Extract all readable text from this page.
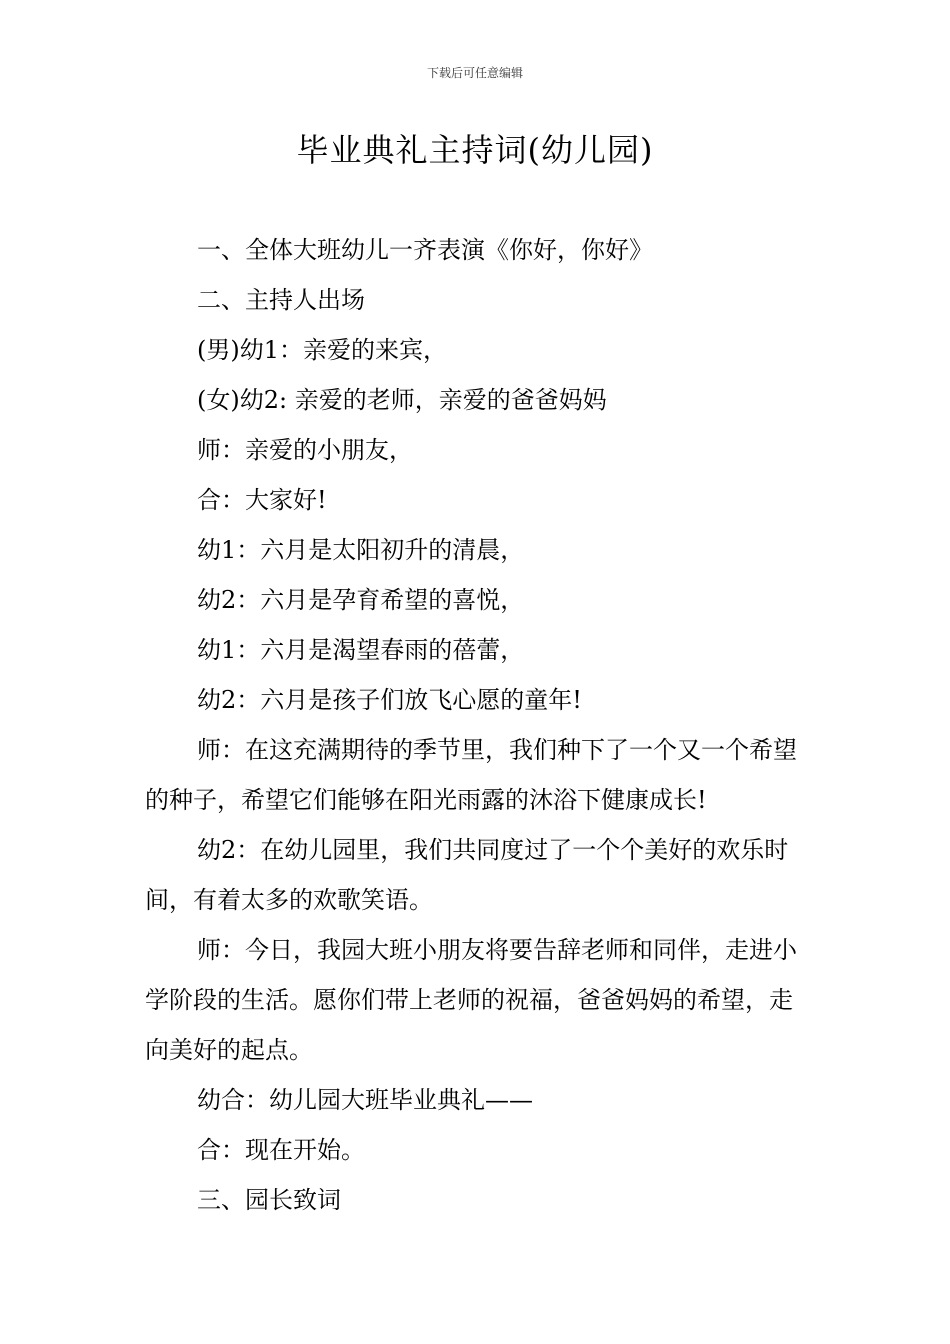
下载后可任意编辑
毕业典礼主持词(幼儿园)

一、全体大班幼儿一齐表演《你好，你好》

二、主持人出场

(男)幼1：亲爱的来宾，

(女)幼2: 亲爱的老师，亲爱的爸爸妈妈

师：亲爱的小朋友，

合：大家好!

幼1：六月是太阳初升的清晨，

幼2：六月是孕育希望的喜悦，

幼1：六月是渴望春雨的蓓蕾，

幼2：六月是孩子们放飞心愿的童年!

师：在这充满期待的季节里，我们种下了一个又一个希望的种子，希望它们能够在阳光雨露的沐浴下健康成长!

幼2：在幼儿园里，我们共同度过了一个个美好的欢乐时间，有着太多的欢歌笑语。

师：今日，我园大班小朋友将要告辞老师和同伴，走进小学阶段的生活。愿你们带上老师的祝福，爸爸妈妈的希望，走向美好的起点。

幼合：幼儿园大班毕业典礼——

合：现在开始。

三、园长致词
